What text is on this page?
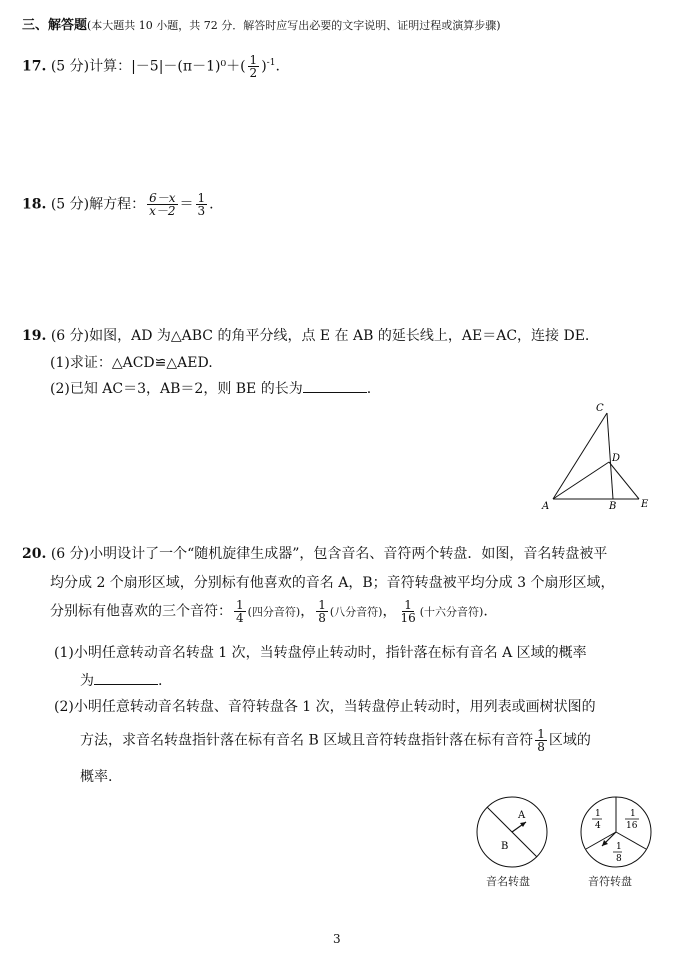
三、解答题(本大题共 10 小题，共 72 分．解答时应写出必要的文字说明、证明过程或演算步骤)
17. (5 分)计算：$|-5|-(\pi-1)^0+( \frac{1}{2} )^{-1}$.
18. (5 分)解方程： $\frac{6-x}{x-2} = \frac{1}{3}$ .
19. (6 分)如图，AD 为△ABC 的角平分线，点 E 在 AB 的延长线上，AE＝AC，连接 DE.
(1)求证：△ACD≌△AED.
(2)已知 AC＝3，AB＝2，则 BE 的长为	.
C
D
A	B E
20. (6 分)小明设计了一个“随机旋律生成器”，包含音名、音符两个转盘．如图，音名转盘被平
均分成 2 个扇形区域，分别标有他喜欢的音名 A，B；音符转盘被平均分成 3 个扇形区域，
分别标有他喜欢的三个音符： $\frac{1}{4}$ (四分音符)， $\frac{1}{8}$ (八分音符)， $\frac{1}{16}$ (十六分音符).
(1)小明任意转动音名转盘 1 次，当转盘停止转动时，指针落在标有音名 A 区域的概率
为	.
(2)小明任意转动音名转盘、音符转盘各 1 次，当转盘停止转动时，用列表或画树状图的
方法，求音名转盘指针落在标有音名 B 区域且音符转盘指针落在标有音符 $\frac{1}{8}$ 区域的
概率.
A
B
音名转盘
1
4
1
16
1
8
音符转盘
3
